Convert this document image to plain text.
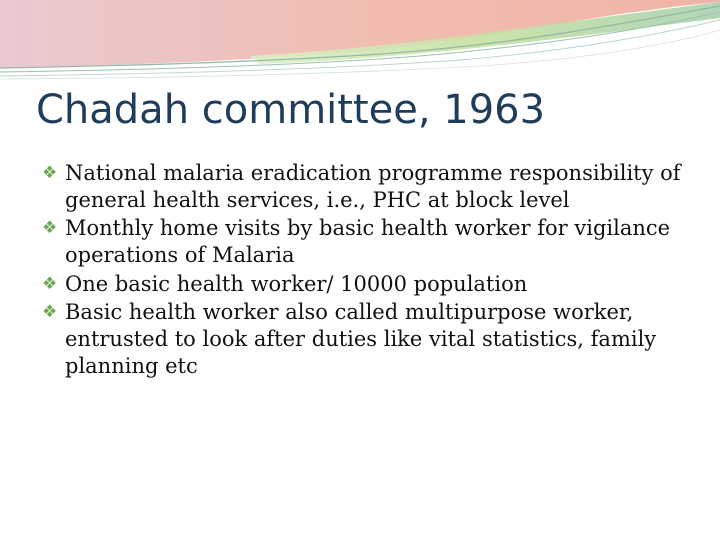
Chadah committee, 1963
❖ National malaria eradication programme responsibility of general health services, i.e., PHC at block level
❖ Monthly home visits by basic health worker for vigilance operations of Malaria
❖ One basic health worker/ 10000 population
❖ Basic health worker also called multipurpose worker, entrusted to look after duties like vital statistics, family planning etc
